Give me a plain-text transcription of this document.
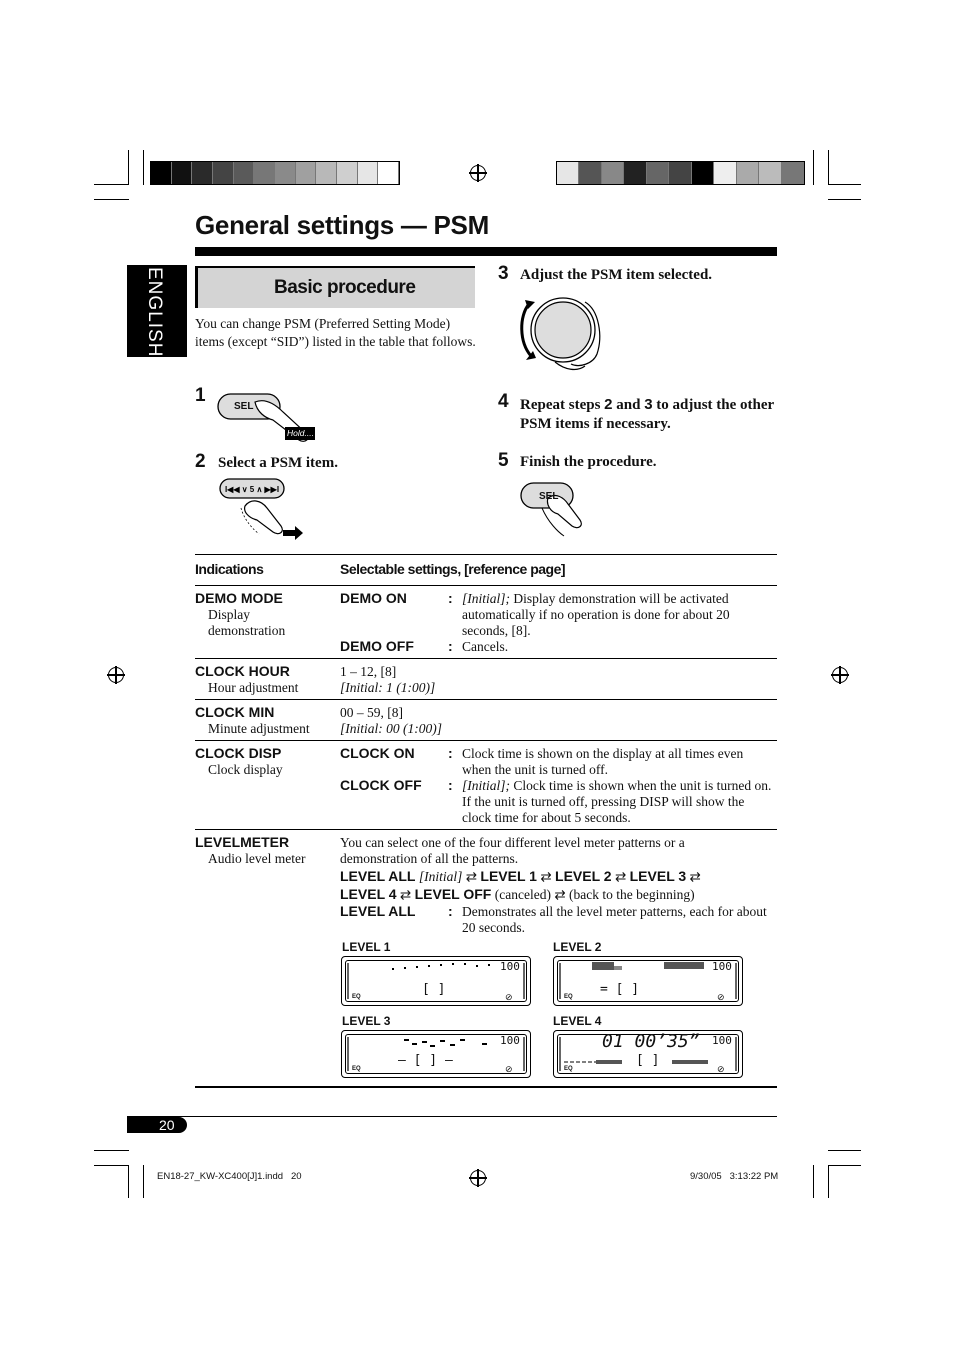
General settings — PSM
ENGLISH	Basic procedure
You can change PSM (Preferred Setting Mode) items (except “SID”) listed in the table that follows.
1
SEL
Hold....
2 Select a PSM item.
I◀◀ ∨ 5 ∧ ▶▶I
3 Adjust the PSM item selected.
4 Repeat steps 2 and 3 to adjust the other PSM items if necessary.
5 Finish the procedure.
SEL
Indications	Selectable settings, [reference page]
DEMO MODE
Display demonstration
DEMO ON	: [Initial]; Display demonstration will be activated automatically if no operation is done for about 20 seconds, [8].
DEMO OFF : Cancels.
CLOCK HOUR
Hour adjustment
1 – 12, [8]
[Initial: 1 (1:00)]
CLOCK MIN
Minute adjustment
00 – 59, [8]
[Initial: 00 (1:00)]
CLOCK DISP
Clock display
CLOCK ON : Clock time is shown on the display at all times even when the unit is turned off.
CLOCK OFF : [Initial]; Clock time is shown when the unit is turned on. If the unit is turned off, pressing DISP will show the clock time for about 5 seconds.
LEVELMETER
Audio level meter
You can select one of the four different level meter patterns or a demonstration of all the patterns.
LEVEL ALL [Initial] ⇄ LEVEL 1 ⇄ LEVEL 2 ⇄ LEVEL 3 ⇄
LEVEL 4 ⇄ LEVEL OFF (canceled) ⇄ (back to the beginning)
LEVEL ALL : Demonstrates all the level meter patterns, each for about 20 seconds.
LEVEL 1
100
[ ]
EQ	⊘
LEVEL 2
100
= [ ]
EQ	⊘
LEVEL 3
100
– [ ] –
EQ	⊘
LEVEL 4
01 00’35” 100
[ ]
EQ	⊘
20
EN18-27_KW-XC400[J]1.indd   20	9/30/05   3:13:22 PM
